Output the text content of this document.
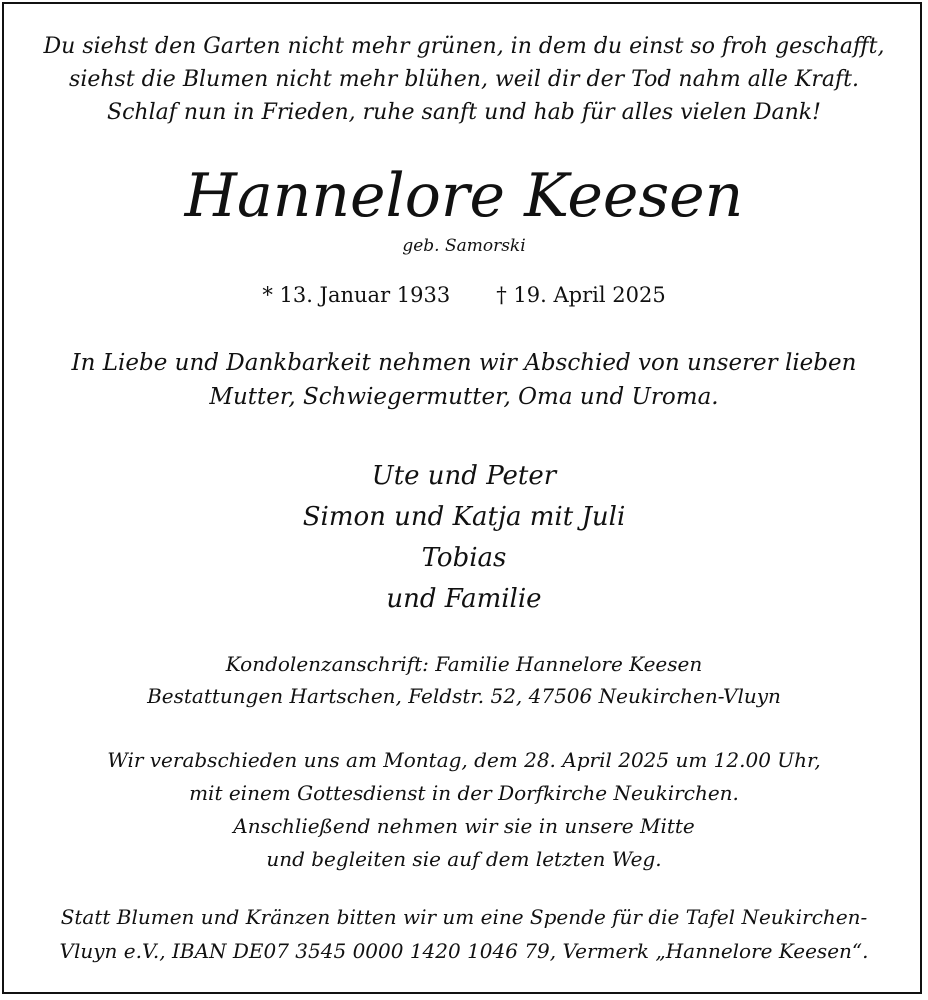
Du siehst den Garten nicht mehr grünen, in dem du einst so froh geschafft,
siehst die Blumen nicht mehr blühen, weil dir der Tod nahm alle Kraft.
Schlaf nun in Frieden, ruhe sanft und hab für alles vielen Dank!
Hannelore Keesen
geb. Samorski
* 13. Januar 1933 † 19. April 2025
In Liebe und Dankbarkeit nehmen wir Abschied von unserer lieben
Mutter, Schwiegermutter, Oma und Uroma.
Ute und Peter
Simon und Katja mit Juli
Tobias
und Familie
Kondolenzanschrift: Familie Hannelore Keesen
Bestattungen Hartschen, Feldstr. 52, 47506 Neukirchen-Vluyn
Wir verabschieden uns am Montag, dem 28. April 2025 um 12.00 Uhr,
mit einem Gottesdienst in der Dorfkirche Neukirchen.
Anschließend nehmen wir sie in unsere Mitte
und begleiten sie auf dem letzten Weg.
Statt Blumen und Kränzen bitten wir um eine Spende für die Tafel Neukirchen-
Vluyn e.V., IBAN DE07 3545 0000 1420 1046 79, Vermerk „Hannelore Keesen“.
